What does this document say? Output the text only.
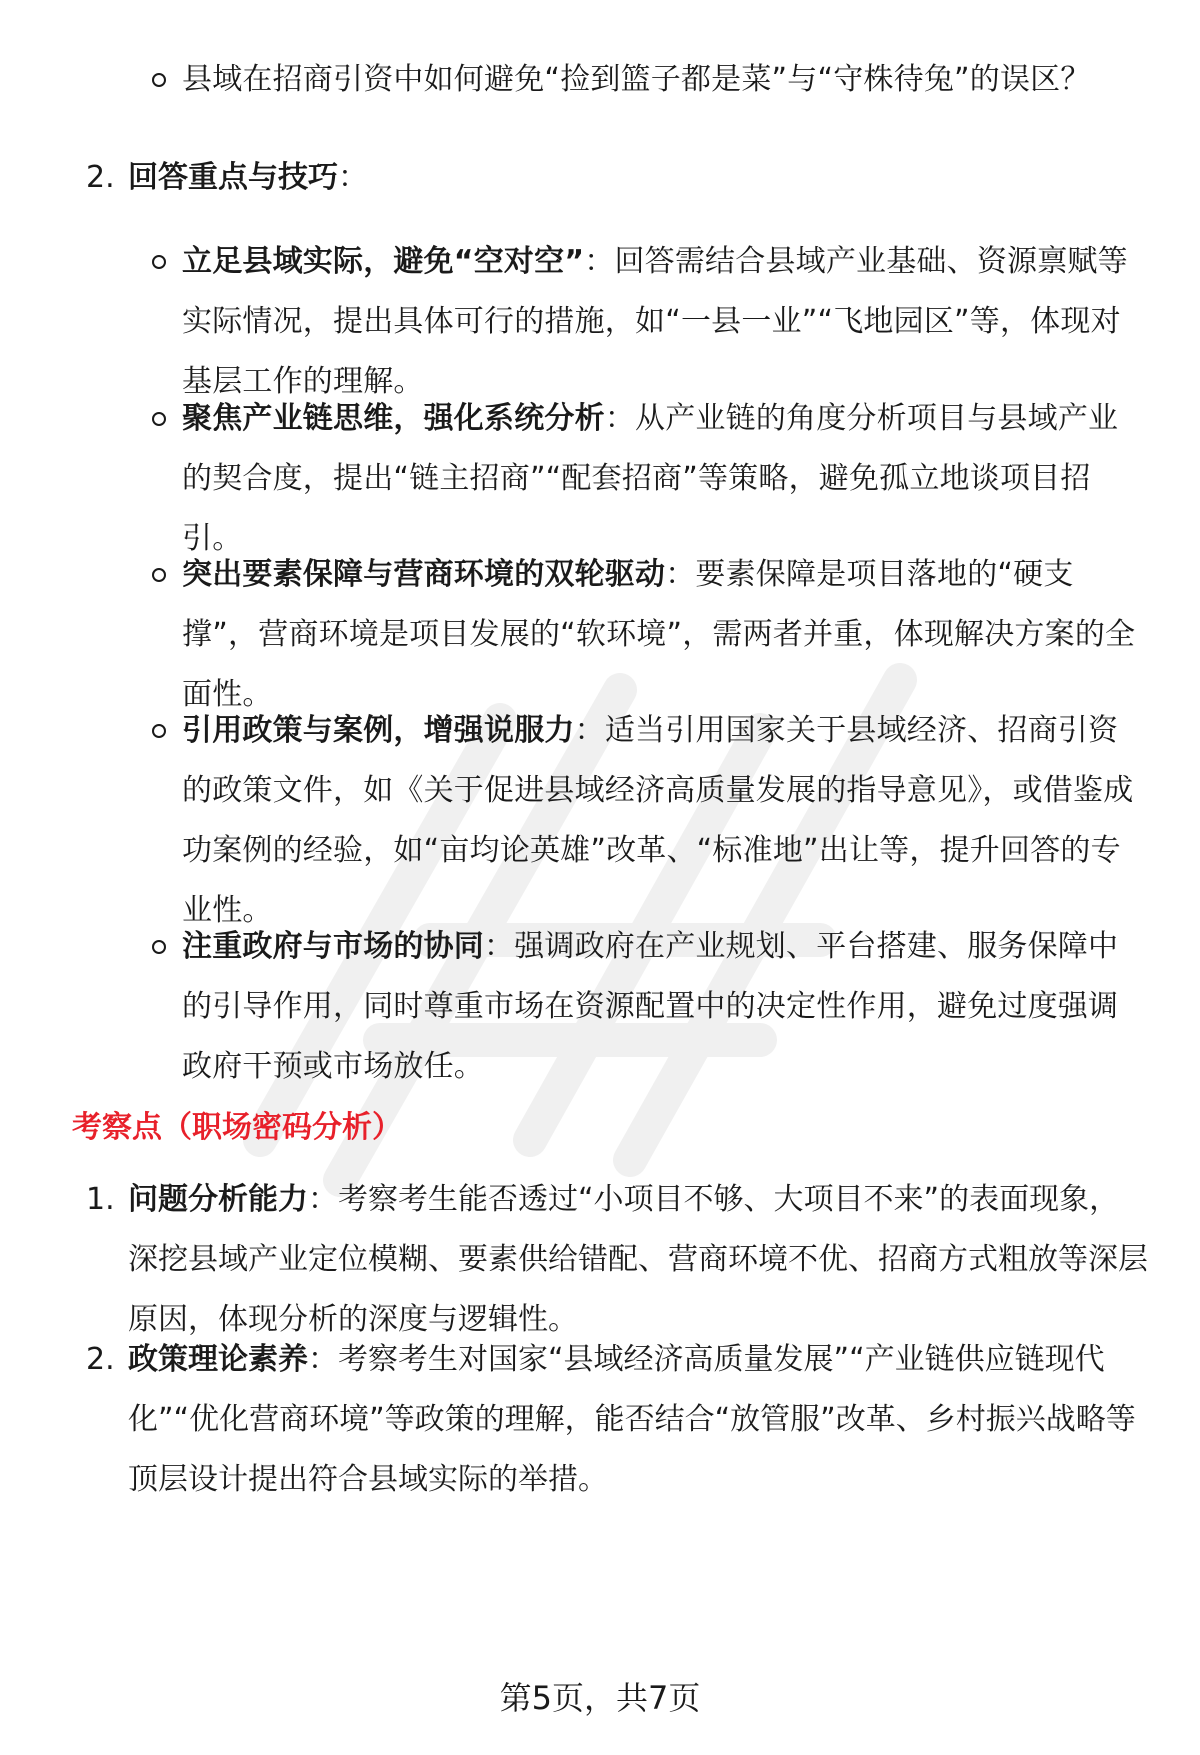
县域在招商引资中如何避免“捡到篮子都是菜”与“守株待兔”的误区？
2. 回答重点与技巧：
立足县域实际，避免“空对空”：回答需结合县域产业基础、资源禀赋等实际情况，提出具体可行的措施，如“一县一业”“飞地园区”等，体现对基层工作的理解。
聚焦产业链思维，强化系统分析：从产业链的角度分析项目与县域产业的契合度，提出“链主招商”“配套招商”等策略，避免孤立地谈项目招引。
突出要素保障与营商环境的双轮驱动：要素保障是项目落地的“硬支撑”，营商环境是项目发展的“软环境”，需两者并重，体现解决方案的全面性。
引用政策与案例，增强说服力：适当引用国家关于县域经济、招商引资的政策文件，如《关于促进县域经济高质量发展的指导意见》，或借鉴成功案例的经验，如“亩均论英雄”改革、“标准地”出让等，提升回答的专业性。
注重政府与市场的协同：强调政府在产业规划、平台搭建、服务保障中的引导作用，同时尊重市场在资源配置中的决定性作用，避免过度强调政府干预或市场放任。
考察点（职场密码分析）
1. 问题分析能力：考察考生能否透过“小项目不够、大项目不来”的表面现象，深挖县域产业定位模糊、要素供给错配、营商环境不优、招商方式粗放等深层原因，体现分析的深度与逻辑性。
2. 政策理论素养：考察考生对国家“县域经济高质量发展”“产业链供应链现代化”“优化营商环境”等政策的理解，能否结合“放管服”改革、乡村振兴战略等顶层设计提出符合县域实际的举措。
第5页，共7页
